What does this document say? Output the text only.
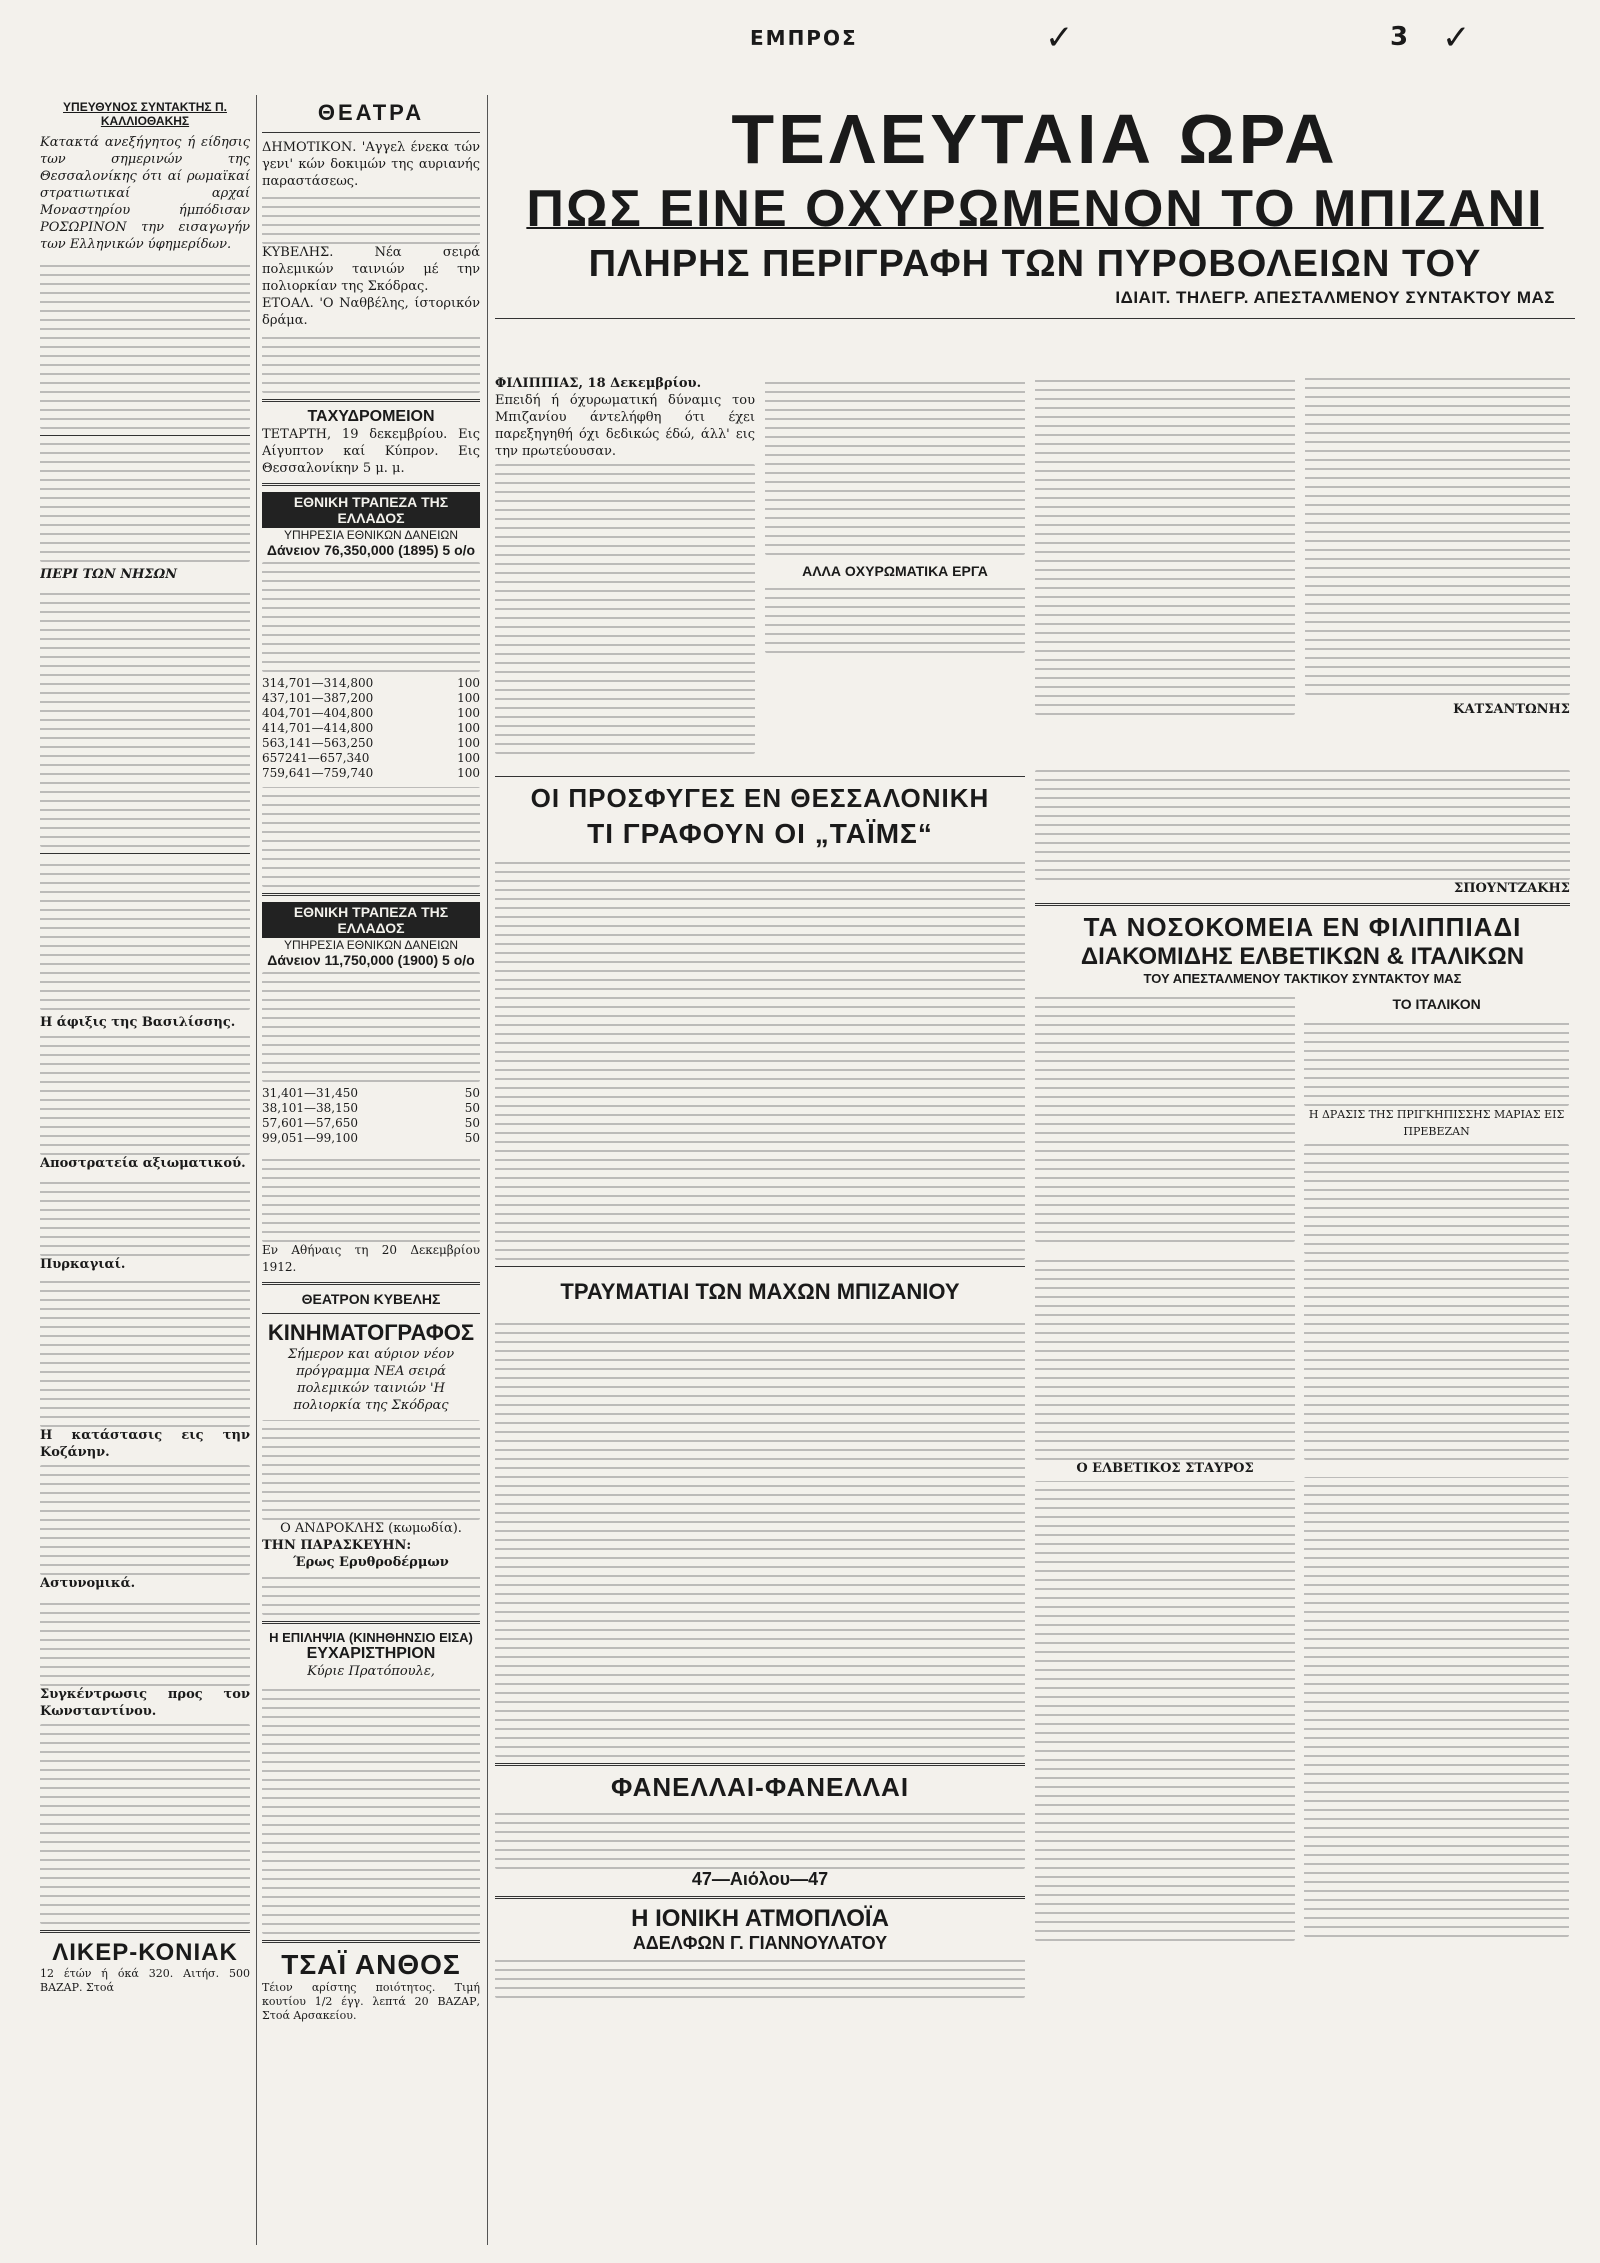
ΕΜΠΡΟΣ	✓	3 ✓
ΥΠΕΥΘΥΝΟΣ ΣΥΝΤΑΚΤΗΣ Π. ΚΑΛΛΙΟΘΑΚΗΣ
Κατακτά ανεξήγητος ή είδησις των σημερινών της Θεσσαλονίκης ότι αί ρωμαϊκαί στρατιωτικαί αρχαί Μοναστηρίου ήμπόδισαν ΡΟΣΩΡΙΝΟΝ την εισαγωγήν των Ελληνικών ύφημερίδων.
ΠΕΡΙ ΤΩΝ ΝΗΣΩΝ
Η άφιξις της Βασιλίσσης.
Αποστρατεία αξιωματικού.
Πυρκαγιαί.
Η κατάστασις εις την Κοζάνην.
Αστυνομικά.
Συγκέντρωσις προς τον Κωνσταντίνου.
ΛΙΚΕΡ-ΚΟΝΙΑΚ
12 έτών ή όκά 320. Αιτήσ. 500 ΒΑΖΑΡ. Στοά
ΘΕΑΤΡΑ
ΔΗΜΟΤΙΚΟΝ. 'Αγγελ ένεκα τών γενι' κών δοκιμών της αυριανής παραστάσεως.
ΚΥΒΕΛΗΣ. Νέα σειρά πολεμικών ταινιών μέ την πολιορκίαν της Σκόδρας.
ΕΤΟΑΛ. 'Ο Ναθβέλης, ίστορικόν δράμα.
ΤΑΧΥΔΡΟΜΕΙΟΝ
ΤΕΤΑΡΤΗ, 19 δεκεμβρίου. Εις Αίγυπτον καί Κύπρον. Εις Θεσσαλονίκην 5 μ. μ.
ΕΘΝΙΚΗ ΤΡΑΠΕΖΑ ΤΗΣ ΕΛΛΑΔΟΣ
ΥΠΗΡΕΣΙΑ ΕΘΝΙΚΩΝ ΔΑΝΕΙΩΝ
Δάνειον 76,350,000 (1895) 5 ο/ο
314,701—314,800	100
437,101—387,200	100
404,701—404,800	100
414,701—414,800	100
563,141—563,250	100
657241—657,340	100
759,641—759,740	100
ΕΘΝΙΚΗ ΤΡΑΠΕΖΑ ΤΗΣ ΕΛΛΑΔΟΣ
ΥΠΗΡΕΣΙΑ ΕΘΝΙΚΩΝ ΔΑΝΕΙΩΝ
Δάνειον 11,750,000 (1900) 5 ο/ο
31,401—31,450	50
38,101—38,150	50
57,601—57,650	50
99,051—99,100	50
Εν Αθήναις τη 20 Δεκεμβρίου 1912.
ΘΕΑΤΡΟΝ ΚΥΒΕΛΗΣ
ΚΙΝΗΜΑΤΟΓΡΑΦΟΣ
Σήμερον και αύριον νέον πρόγραμμα ΝΕΑ σειρά πολεμικών ταινιών 'Η πολιορκία της Σκόδρας
Ο ΑΝΔΡΟΚΛΗΣ (κωμωδία).
ΤΗΝ ΠΑΡΑΣΚΕΥΗΝ:
Έρως Ερυθροδέρμων
Η ΕΠΙΛΗΨΙΑ (ΚΙΝΗΘΗΝΣΙΟ ΕΙΣΑ)
ΕΥΧΑΡΙΣΤΗΡΙΟΝ
Κύριε Πρατόπουλε,
ΤΣΑΪ ΑΝΘΟΣ
Τέιον αρίστης ποιότητος. Τιμή κουτίου 1/2 έγγ. λεπτά 20 ΒΑΖΑΡ, Στοά Αρσακείου.
ΤΕΛΕΥΤΑΙΑ ΩΡΑ
ΠΩΣ ΕΙΝΕ ΟΧΥΡΩΜΕΝΟΝ ΤΟ ΜΠΙΖΑΝΙ
ΠΛΗΡΗΣ ΠΕΡΙΓΡΑΦΗ ΤΩΝ ΠΥΡΟΒΟΛΕΙΩΝ ΤΟΥ
ΙΔΙΑΙΤ. ΤΗΛΕΓΡ. ΑΠΕΣΤΑΛΜΕΝΟΥ ΣΥΝΤΑΚΤΟΥ ΜΑΣ
ΦΙΛΙΠΠΙΑΣ, 18 Δεκεμβρίου.
Επειδή ή όχυρωματική δύναμις του Μπιζανίου άντελήφθη ότι έχει παρεξηγηθή όχι δεδικώς έδώ, άλλ' εις την πρωτεύουσαν.
ΑΛΛΑ ΟΧΥΡΩΜΑΤΙΚΑ ΕΡΓΑ
ΚΑΤΣΑΝΤΩΝΗΣ
ΟΙ ΠΡΟΣΦΥΓΕΣ ΕΝ ΘΕΣΣΑΛΟΝΙΚΗ
ΤΙ ΓΡΑΦΟΥΝ ΟΙ „ΤΑΪΜΣ“
ΤΡΑΥΜΑΤΙΑΙ ΤΩΝ ΜΑΧΩΝ ΜΠΙΖΑΝΙΟΥ
ΦΑΝΕΛΛΑΙ-ΦΑΝΕΛΛΑΙ
47—Αιόλου—47
Η ΙΟΝΙΚΗ ΑΤΜΟΠΛΟΪΑ
ΑΔΕΛΦΩΝ Γ. ΓΙΑΝΝΟΥΛΑΤΟΥ
ΣΠΟΥΝΤΖΑΚΗΣ
ΤΑ ΝΟΣΟΚΟΜΕΙΑ ΕΝ ΦΙΛΙΠΠΙΑΔΙ
ΔΙΑΚΟΜΙΔΗΣ ΕΛΒΕΤΙΚΩΝ & ΙΤΑΛΙΚΩΝ
ΤΟΥ ΑΠΕΣΤΑΛΜΕΝΟΥ ΤΑΚΤΙΚΟΥ ΣΥΝΤΑΚΤΟΥ ΜΑΣ

ΤΟ ΙΤΑΛΙΚΟΝ
Η ΔΡΑΣΙΣ ΤΗΣ ΠΡΙΓΚΗΠΙΣΣΗΣ ΜΑΡΙΑΣ ΕΙΣ ΠΡΕΒΕΖΑΝ

Ο ΕΛΒΕΤΙΚΟΣ ΣΤΑΥΡΟΣ
